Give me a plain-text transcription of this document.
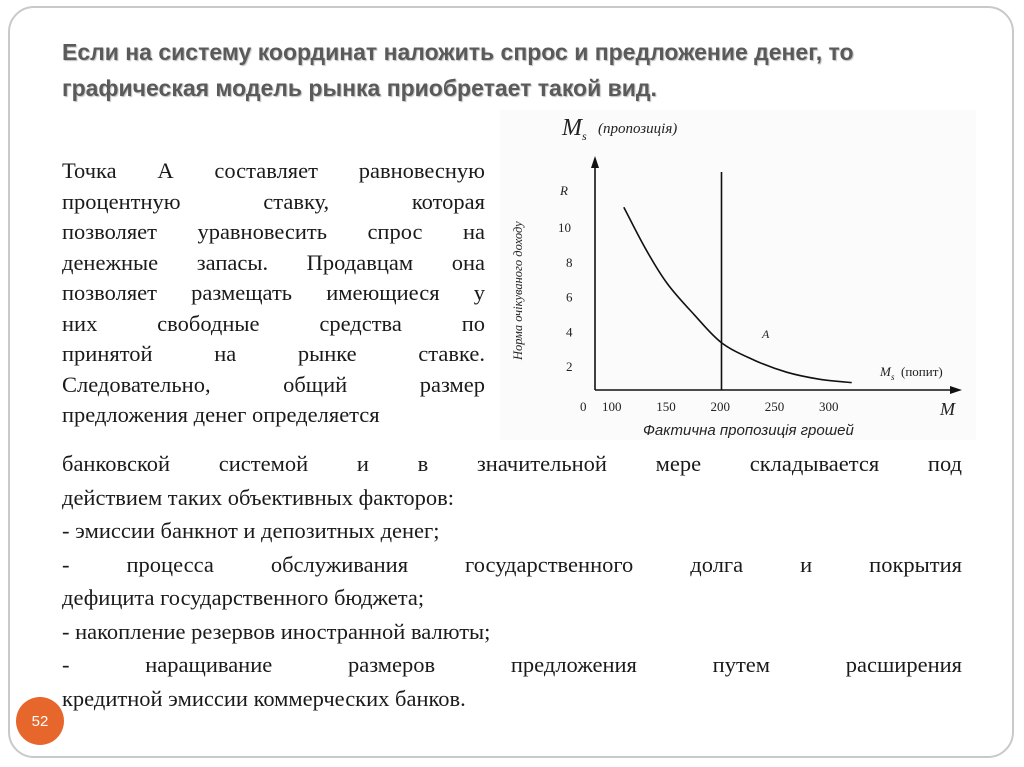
Если на систему координат наложить спрос и предложение денег, то графическая модель рынка приобретает такой вид.
Точка А составляет равновесную
процентную ставку, которая
позволяет уравновесить спрос на
денежные запасы. Продавцам она
позволяет размещать имеющиеся у
них свободные средства по
принятой на рынке ставке.
Следовательно, общий размер
предложения денег определяется
M s (пропозиція)
R
Норма очікуваного доходу
M
Фактична пропозиція грошей
M s (попит)
A
0 100	150	200	250	300
2
4
6
8
10
банковской системой и в значительной мере складывается под
действием таких объективных факторов:
- эмиссии банкнот и депозитных денег;
- процесса обслуживания государственного долга и покрытия
дефицита государственного бюджета;
- накопление резервов иностранной валюты;
- наращивание размеров предложения путем расширения
кредитной эмиссии коммерческих банков.
52
